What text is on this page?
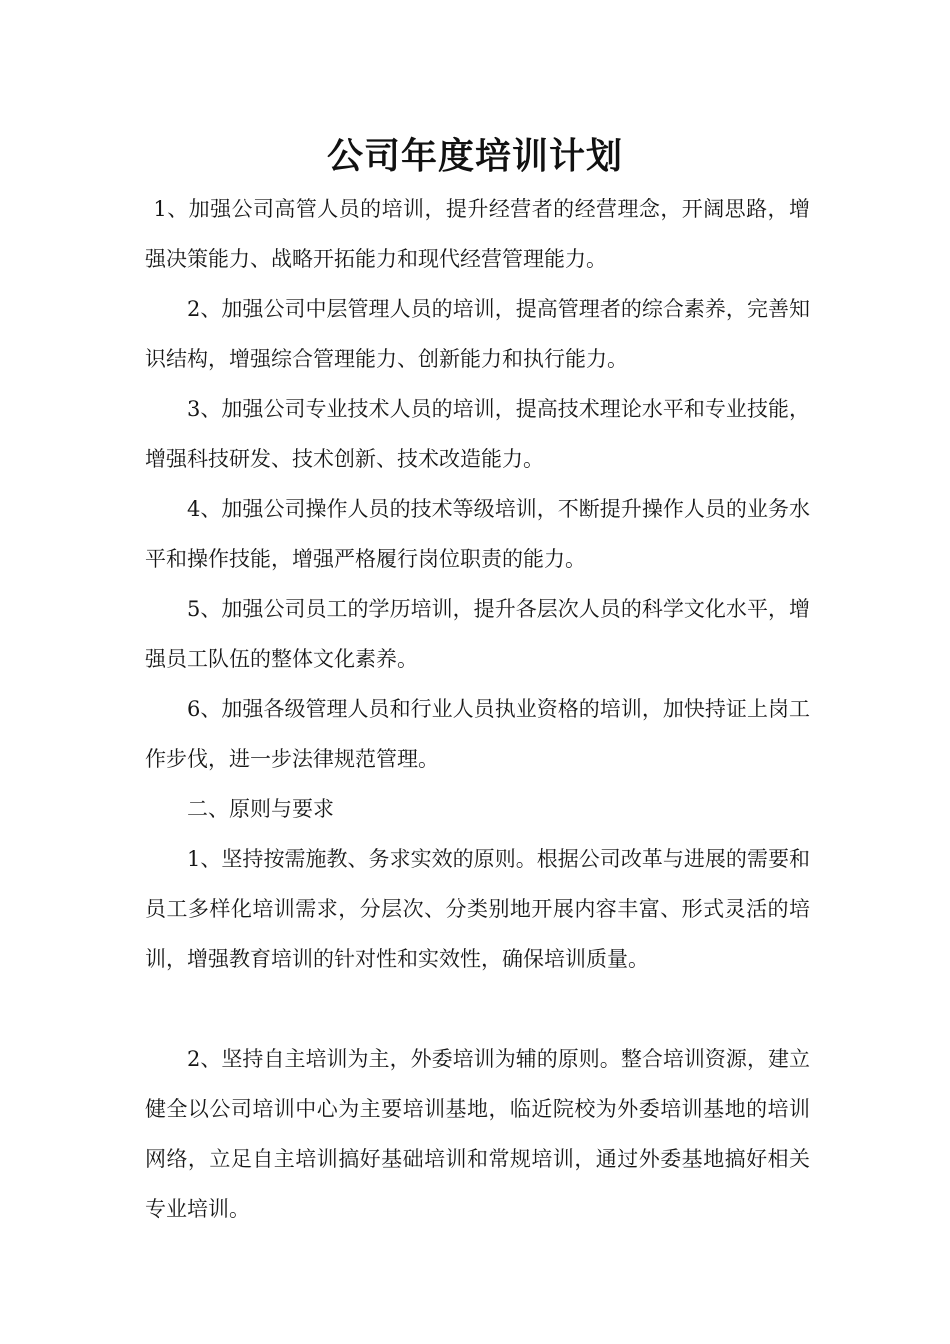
公司年度培训计划

1、加强公司高管人员的培训，提升经营者的经营理念，开阔思路，增强决策能力、战略开拓能力和现代经营管理能力。

2、加强公司中层管理人员的培训，提高管理者的综合素养，完善知识结构，增强综合管理能力、创新能力和执行能力。

3、加强公司专业技术人员的培训，提高技术理论水平和专业技能，增强科技研发、技术创新、技术改造能力。

4、加强公司操作人员的技术等级培训，不断提升操作人员的业务水平和操作技能，增强严格履行岗位职责的能力。

5、加强公司员工的学历培训，提升各层次人员的科学文化水平，增强员工队伍的整体文化素养。

6、加强各级管理人员和行业人员执业资格的培训，加快持证上岗工作步伐，进一步法律规范管理。

二、原则与要求

1、坚持按需施教、务求实效的原则。根据公司改革与进展的需要和员工多样化培训需求，分层次、分类别地开展内容丰富、形式灵活的培训，增强教育培训的针对性和实效性，确保培训质量。

2、坚持自主培训为主，外委培训为辅的原则。整合培训资源，建立健全以公司培训中心为主要培训基地，临近院校为外委培训基地的培训网络，立足自主培训搞好基础培训和常规培训，通过外委基地搞好相关专业培训。
